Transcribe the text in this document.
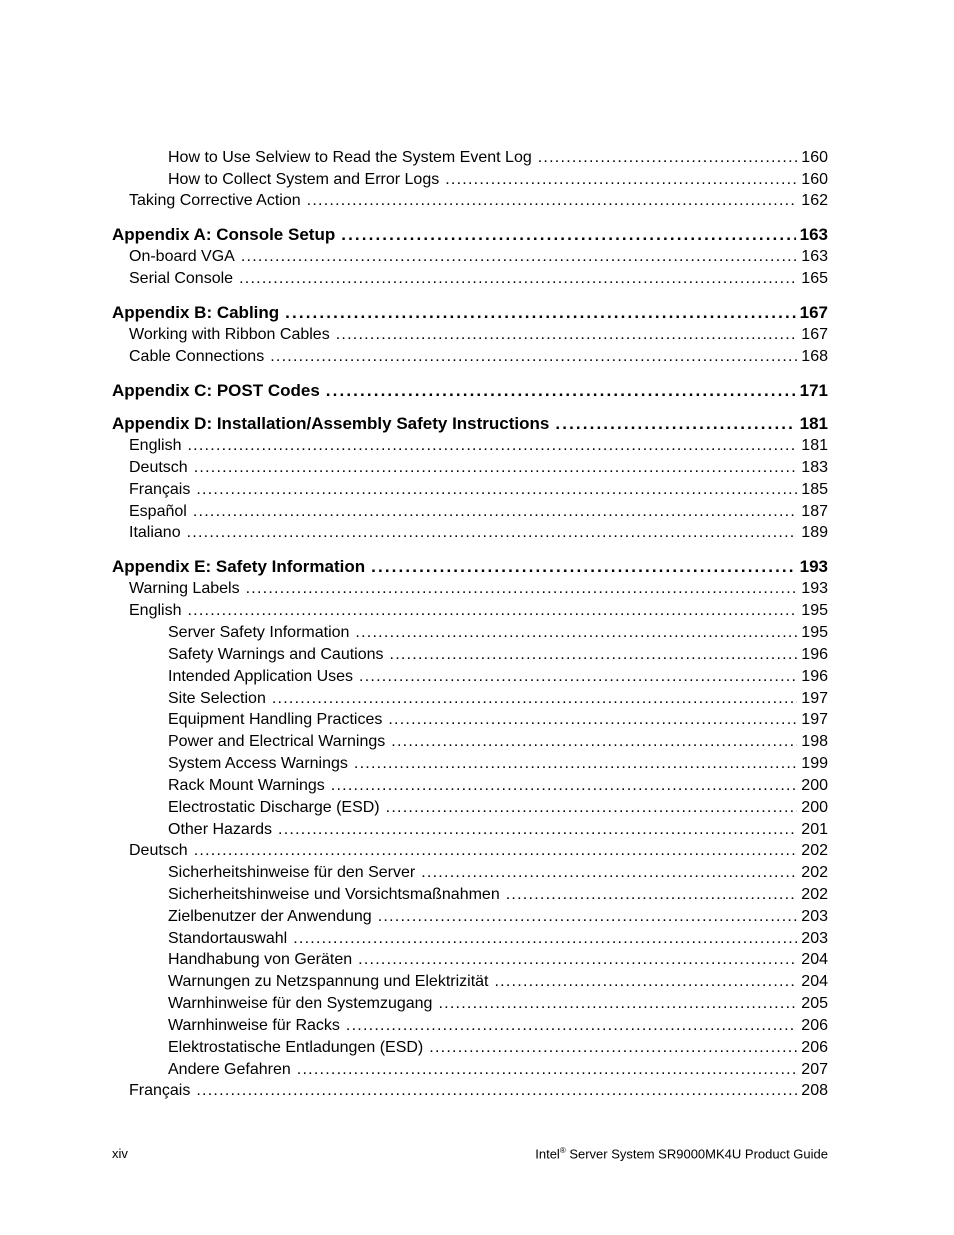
How to Use Selview to Read the System Event Log . . .	160
How to Collect System and Error Logs . . .	160
Taking Corrective Action . . .	162
Appendix A: Console Setup . . .	163
On-board VGA . . .	163
Serial Console . . .	165
Appendix B: Cabling . . .	167
Working with Ribbon Cables . . .	167
Cable Connections . . .	168
Appendix C: POST Codes . . .	171
Appendix D: Installation/Assembly Safety Instructions . . .	181
English . . .	181
Deutsch . . .	183
Français . . .	185
Español . . .	187
Italiano . . .	189
Appendix E: Safety Information . . .	193
Warning Labels . . .	193
English . . .	195
Server Safety Information . . .	195
Safety Warnings and Cautions . . .	196
Intended Application Uses . . .	196
Site Selection . . .	197
Equipment Handling Practices . . .	197
Power and Electrical Warnings . . .	198
System Access Warnings . . .	199
Rack Mount Warnings . . .	200
Electrostatic Discharge (ESD) . . .	200
Other Hazards . . .	201
Deutsch . . .	202
Sicherheitshinweise für den Server . . .	202
Sicherheitshinweise und Vorsichtsmaßnahmen . . .	202
Zielbenutzer der Anwendung . . .	203
Standortauswahl . . .	203
Handhabung von Geräten . . .	204
Warnungen zu Netzspannung und Elektrizität . . .	204
Warnhinweise für den Systemzugang . . .	205
Warnhinweise für Racks . . .	206
Elektrostatische Entladungen (ESD) . . .	206
Andere Gefahren . . .	207
Français . . .	208
xiv	Intel® Server System SR9000MK4U Product Guide
